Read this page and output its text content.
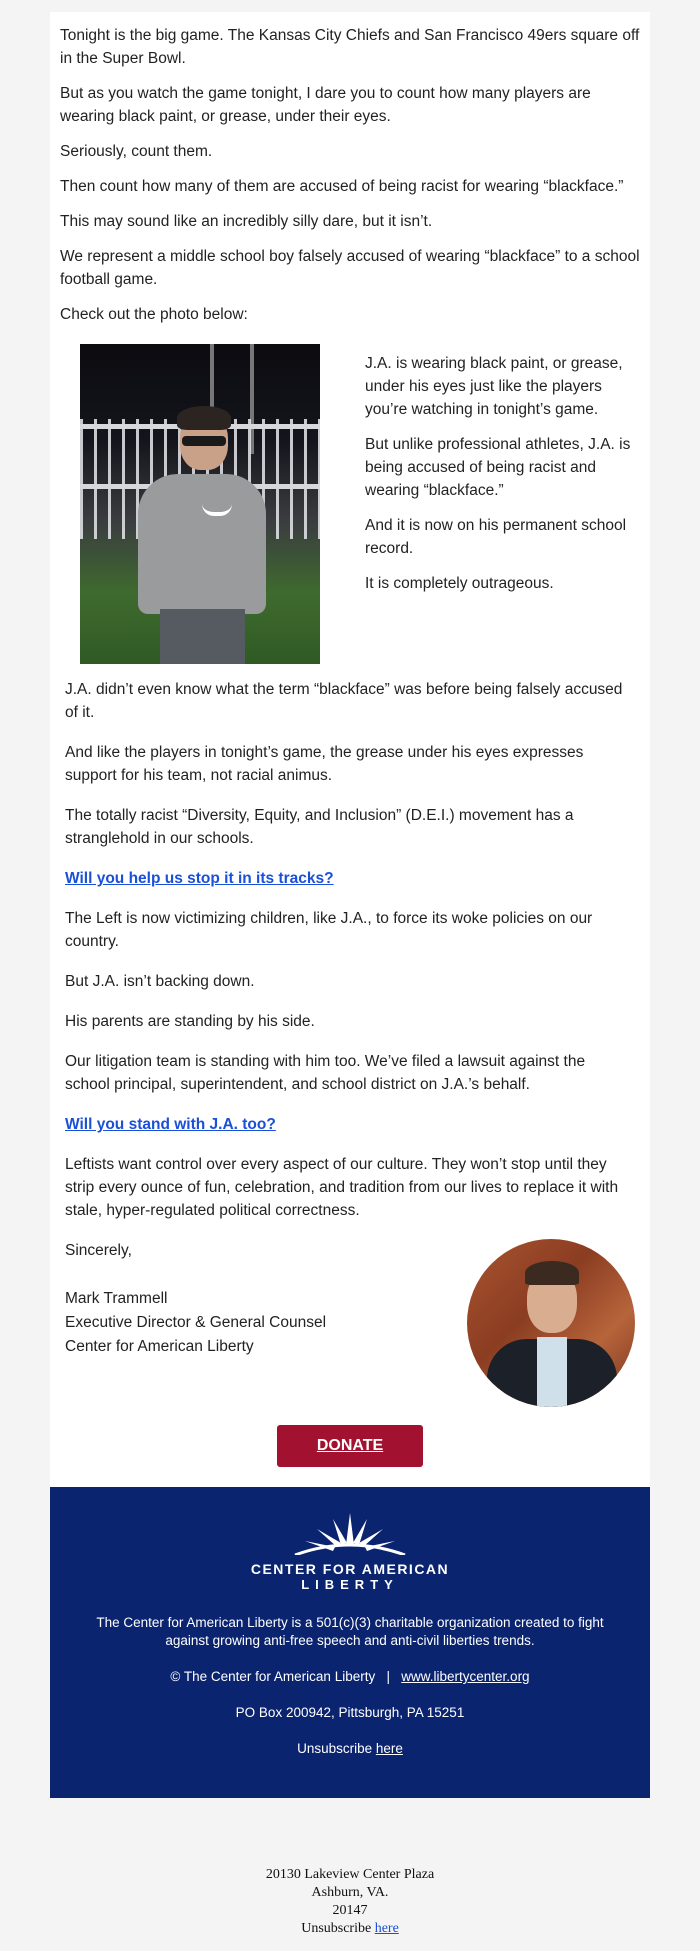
Tonight is the big game. The Kansas City Chiefs and San Francisco 49ers square off in the Super Bowl.

But as you watch the game tonight, I dare you to count how many players are wearing black paint, or grease, under their eyes.

Seriously, count them.

Then count how many of them are accused of being racist for wearing “blackface.”

This may sound like an incredibly silly dare, but it isn’t.

We represent a middle school boy falsely accused of wearing “blackface” to a school football game.

Check out the photo below:

J.A. is wearing black paint, or grease, under his eyes just like the players you’re watching in tonight’s game.

But unlike professional athletes, J.A. is being accused of being racist and wearing “blackface.”

And it is now on his permanent school record.

It is completely outrageous.

J.A. didn’t even know what the term “blackface” was before being falsely accused of it.

And like the players in tonight’s game, the grease under his eyes expresses support for his team, not racial animus.

The totally racist “Diversity, Equity, and Inclusion” (D.E.I.) movement has a stranglehold in our schools.

Will you help us stop it in its tracks?

The Left is now victimizing children, like J.A., to force its woke policies on our country.

But J.A. isn’t backing down.

His parents are standing by his side.

Our litigation team is standing with him too. We’ve filed a lawsuit against the school principal, superintendent, and school district on J.A.’s behalf.

Will you stand with J.A. too?

Leftists want control over every aspect of our culture. They won’t stop until they strip every ounce of fun, celebration, and tradition from our lives to replace it with stale, hyper-regulated political correctness.

Sincerely,

Mark Trammell

Executive Director & General Counsel

Center for American Liberty

DONATE
CENTER FOR AMERICAN
LIBERTY

The Center for American Liberty is a 501(c)(3) charitable organization created to fight against growing anti-free speech and anti-civil liberties trends.

© The Center for American Liberty | www.libertycenter.org

PO Box 200942, Pittsburgh, PA 15251

Unsubscribe here

20130 Lakeview Center Plaza
Ashburn, VA.
20147
Unsubscribe here
